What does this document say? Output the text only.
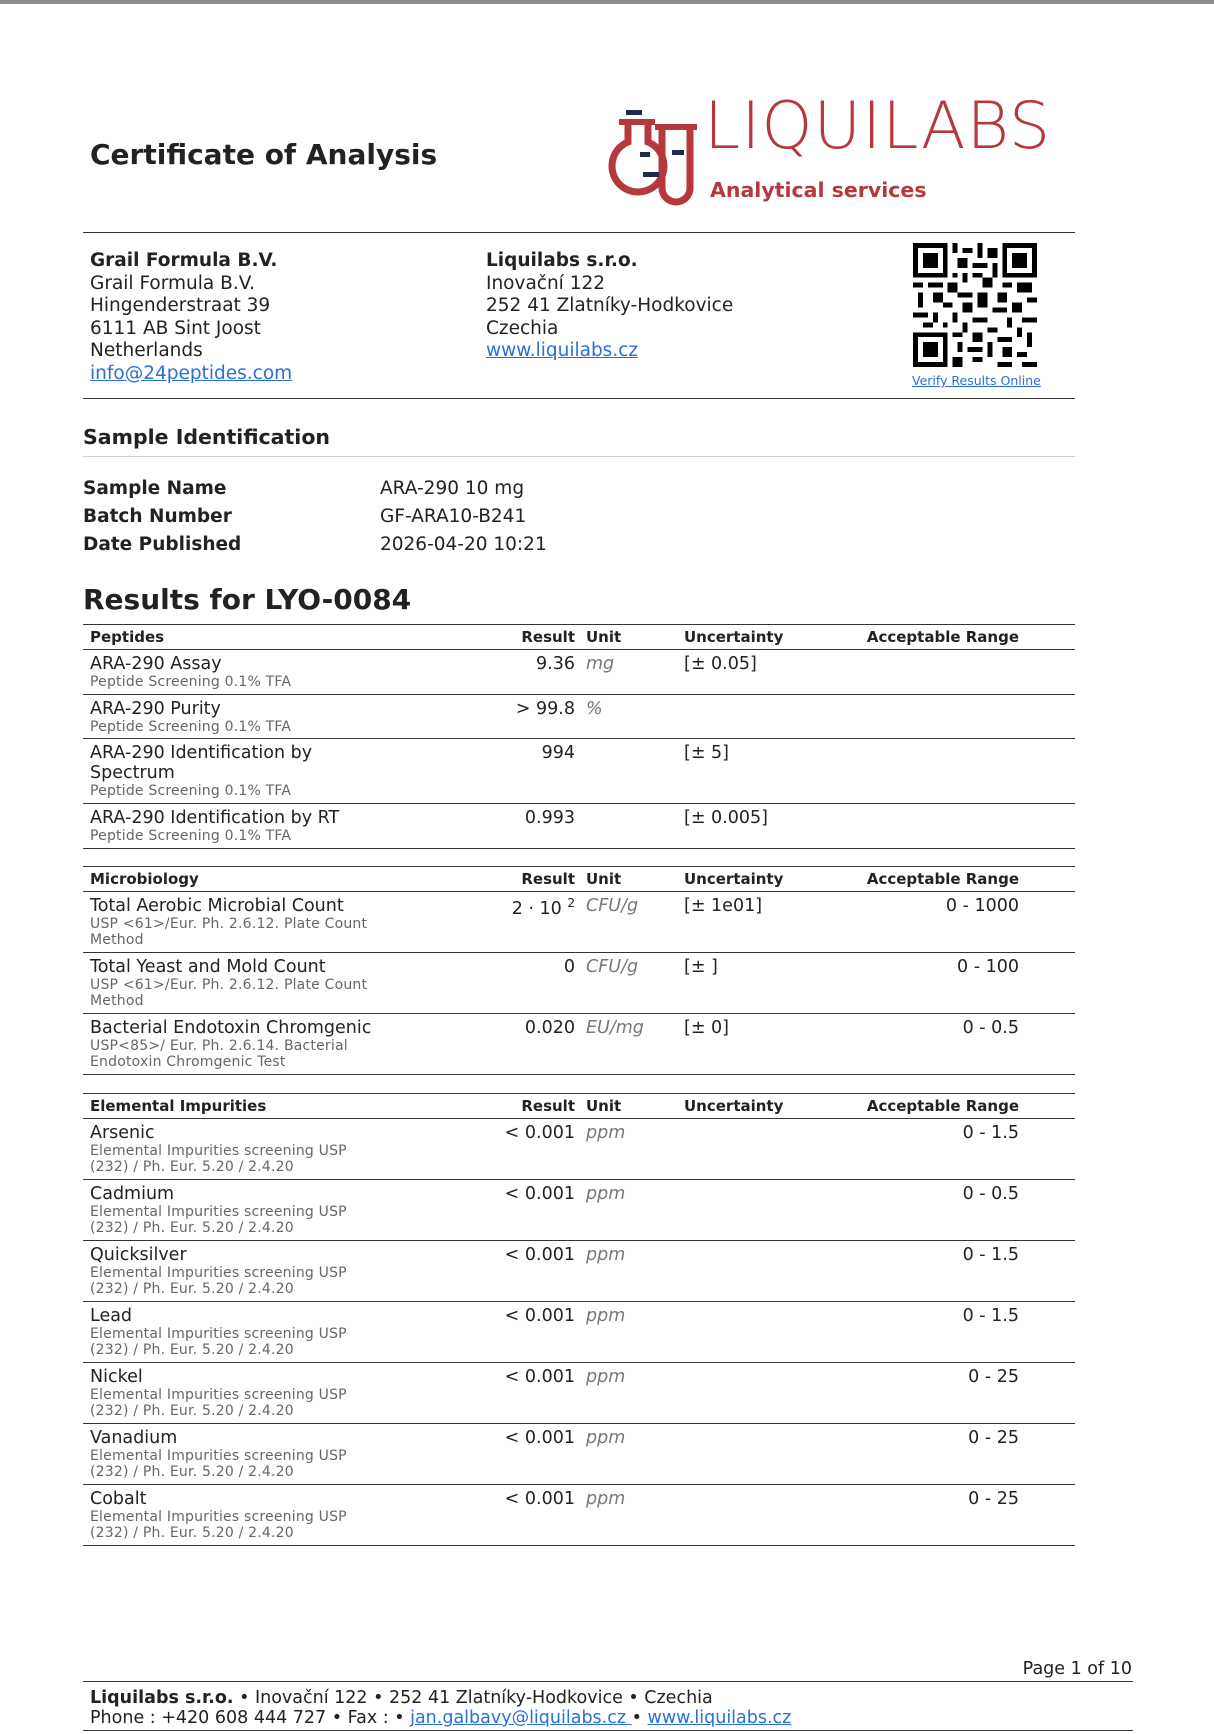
Certificate of Analysis	LIQUILABS
Analytical services
Grail Formula B.V.
Grail Formula B.V.
Hingenderstraat 39
6111 AB Sint Joost
Netherlands
info@24peptides.com
Liquilabs s.r.o.
Inovační 122
252 41 Zlatníky-Hodkovice
Czechia
www.liquilabs.cz
Verify Results Online
Sample Identification
Sample Name	ARA-290 10 mg
Batch Number	GF-ARA10-B241
Date Published	2026-04-20 10:21
Results for LYO-0084
Peptides	Result Unit	Uncertainty	Acceptable Range
ARA-290 Assay
Peptide Screening 0.1% TFA
9.36 mg	[± 0.05]
ARA-290 Purity
Peptide Screening 0.1% TFA
> 99.8 %
ARA-290 Identification by Spectrum
Peptide Screening 0.1% TFA
994	[± 5]
ARA-290 Identification by RT
Peptide Screening 0.1% TFA
0.993	[± 0.005]
Microbiology	Result Unit	Uncertainty	Acceptable Range
Total Aerobic Microbial Count
USP <61>/Eur. Ph. 2.6.12. Plate Count Method
2 · 10 $^2$ CFU/g	[± 1e01]	0 - 1000
Total Yeast and Mold Count
USP <61>/Eur. Ph. 2.6.12. Plate Count Method
0 CFU/g	[± ]	0 - 100
Bacterial Endotoxin Chromgenic
USP<85>/ Eur. Ph. 2.6.14. Bacterial Endotoxin Chromgenic Test
0.020 EU/mg [± 0]	0 - 0.5
Elemental Impurities	Result Unit	Uncertainty	Acceptable Range
Arsenic
Elemental Impurities screening USP (232) / Ph. Eur. 5.20 / 2.4.20
< 0.001 ppm	0 - 1.5
Cadmium
Elemental Impurities screening USP (232) / Ph. Eur. 5.20 / 2.4.20
< 0.001 ppm	0 - 0.5
Quicksilver
Elemental Impurities screening USP (232) / Ph. Eur. 5.20 / 2.4.20
< 0.001 ppm	0 - 1.5
Lead
Elemental Impurities screening USP (232) / Ph. Eur. 5.20 / 2.4.20
< 0.001 ppm	0 - 1.5
Nickel
Elemental Impurities screening USP (232) / Ph. Eur. 5.20 / 2.4.20
< 0.001 ppm	0 - 25
Vanadium
Elemental Impurities screening USP (232) / Ph. Eur. 5.20 / 2.4.20
< 0.001 ppm	0 - 25
Cobalt
Elemental Impurities screening USP (232) / Ph. Eur. 5.20 / 2.4.20
< 0.001 ppm	0 - 25
Page 1 of 10
Liquilabs s.r.o. • Inovační 122 • 252 41 Zlatníky-Hodkovice • Czechia
Phone : +420 608 444 727 • Fax : • jan.galbavy@liquilabs.cz • www.liquilabs.cz
